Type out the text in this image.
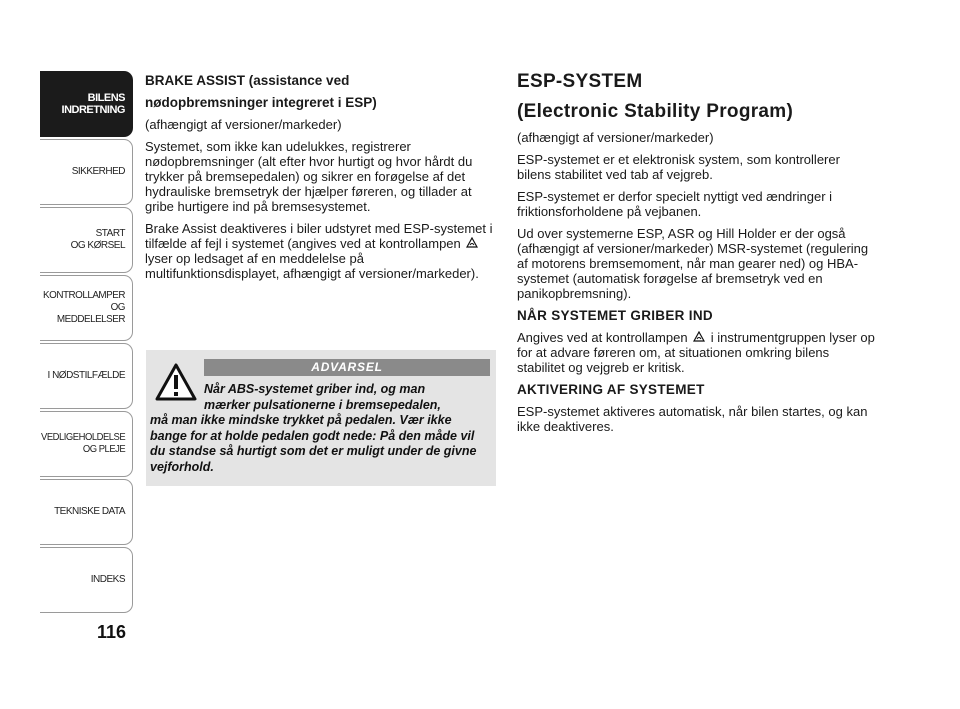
BILENS
INDRETNING
SIKKERHED
START
OG KØRSEL
KONTROLLAMPER
OG MEDDELELSER
I NØDSTILFÆLDE
VEDLIGEHOLDELSE
OG PLEJE
TEKNISKE DATA
INDEKS
116

BRAKE ASSIST (assistance ved

nødopbremsninger integreret i ESP)

(afhængigt af versioner/markeder)

Systemet, som ikke kan udelukkes, registrerer nødopbremsninger (alt efter hvor hurtigt og hvor hårdt du trykker på bremsepedalen) og sikrer en forøgelse af det hydrauliske bremsetryk der hjælper føreren, og tillader at gribe hurtigere ind på bremsesystemet.

Brake Assist deaktiveres i biler udstyret med ESP-systemet i tilfælde af fejl i systemet (angives ved at kontrollampen  lyser op ledsaget af en meddelelse på multifunktionsdisplayet, afhængigt af versioner/markeder).

ADVARSEL
Når ABS-systemet griber ind, og man
mærker pulsationerne i bremsepedalen,
må man ikke mindske trykket på pedalen. Vær ikke bange for at holde pedalen godt nede: På den måde vil du standse så hurtigt som det er muligt under de givne vejforhold.

ESP-SYSTEM

(Electronic Stability Program)

(afhængigt af versioner/markeder)

ESP-systemet er et elektronisk system, som kontrollerer bilens stabilitet ved tab af vejgreb.

ESP-systemet er derfor specielt nyttigt ved ændringer i friktionsforholdene på vejbanen.

Ud over systemerne ESP, ASR og Hill Holder er der også (afhængigt af versioner/markeder) MSR-systemet (regulering af motorens bremsemoment, når man gearer ned) og HBA-systemet (automatisk forøgelse af bremsetryk ved en panikopbremsning).

NÅR SYSTEMET GRIBER IND

Angives ved at kontrollampen i instrumentgruppen lyser op for at advare føreren om, at situationen omkring bilens stabilitet og vejgreb er kritisk.

AKTIVERING AF SYSTEMET

ESP-systemet aktiveres automatisk, når bilen startes, og kan ikke deaktiveres.
